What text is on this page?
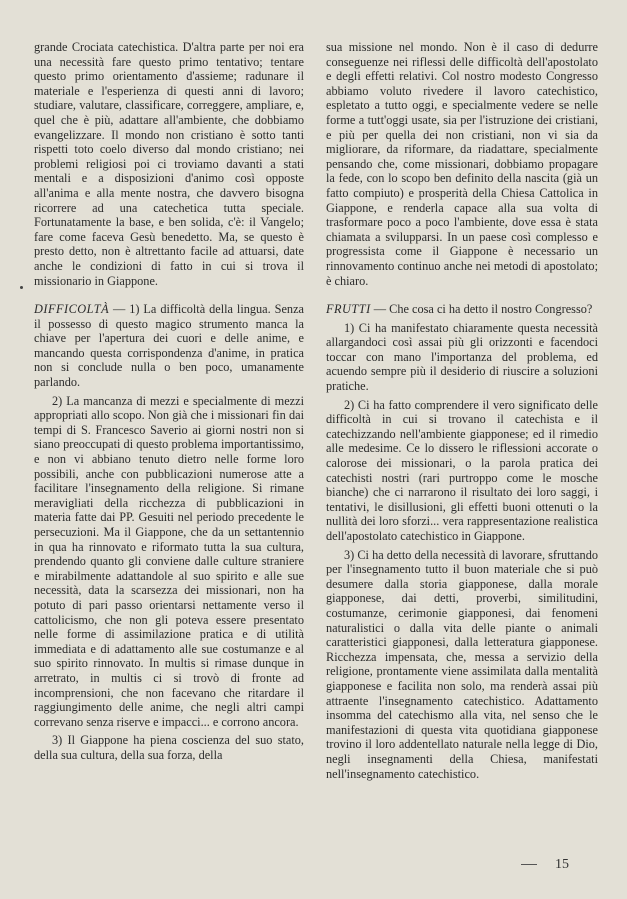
grande Crociata catechistica. D'altra parte per noi era una necessità fare questo primo tentativo; tentare questo primo orientamento d'assieme; radunare il materiale e l'esperienza di questi anni di lavoro; studiare, valutare, classificare, correggere, ampliare, e, quel che è più, adattare all'ambiente, che dobbiamo evangelizzare. Il mondo non cristiano è sotto tanti rispetti toto coelo diverso dal mondo cristiano; nei problemi religiosi poi ci troviamo davanti a stati mentali e a disposizioni d'animo così opposte all'anima e alla mente nostra, che davvero bisogna ricorrere ad una catechetica tutta speciale. Fortunatamente la base, e ben solida, c'è: il Vangelo; fare come faceva Gesù benedetto. Ma, se questo è presto detto, non è altrettanto facile ad attuarsi, date anche le condizioni di fatto in cui si trova il missionario in Giappone.

DIFFICOLTÀ — 1) La difficoltà della lingua. Senza il possesso di questo magico strumento manca la chiave per l'apertura dei cuori e delle anime, e mancando questa corrispondenza d'anime, in pratica non si conclude nulla o ben poco, umanamente parlando.

2) La mancanza di mezzi e specialmente di mezzi appropriati allo scopo. Non già che i missionari fin dai tempi di S. Francesco Saverio ai giorni nostri non si siano preoccupati di questo problema importantissimo, e non vi abbiano tenuto dietro nelle forme loro possibili, anche con pubblicazioni numerose atte a facilitare l'insegnamento della religione. Si rimane meravigliati della ricchezza di pubblicazioni in materia fatte dai PP. Gesuiti nel periodo precedente le persecuzioni. Ma il Giappone, che da un settantennio in qua ha rinnovato e riformato tutta la sua cultura, prendendo quanto gli conviene dalle culture straniere e mirabilmente adattandole al suo spirito e alle sue necessità, data la scarsezza dei missionari, non ha potuto di pari passo orientarsi nettamente verso il cattolicismo, che non gli poteva essere presentato nelle forme di assimilazione pratica e di utilità immediata e di adattamento alle sue costumanze e al suo spirito rinnovato. In multis si rimase dunque in arretrato, in multis ci si trovò di fronte ad incomprensioni, che non facevano che ritardare il raggiungimento delle anime, che negli altri campi correvano senza riserve e impacci... e corrono ancora.

3) Il Giappone ha piena coscienza del suo stato, della sua cultura, della sua forza, della

sua missione nel mondo. Non è il caso di dedurre conseguenze nei riflessi delle difficoltà dell'apostolato e degli effetti relativi. Col nostro modesto Congresso abbiamo voluto rivedere il lavoro catechistico, espletato a tutto oggi, e specialmente vedere se nelle forme a tutt'oggi usate, sia per l'istruzione dei cristiani, e più per quella dei non cristiani, non vi sia da migliorare, da riformare, da riadattare, specialmente pensando che, come missionari, dobbiamo propagare la fede, con lo scopo ben definito della nascita (già un fatto compiuto) e prosperità della Chiesa Cattolica in Giappone, e renderla capace alla sua volta di trasformare poco a poco l'ambiente, dove essa è stata chiamata a svilupparsi. In un paese così complesso e progressista come il Giappone è necessario un rinnovamento continuo anche nei metodi di apostolato; è chiaro.

FRUTTI — Che cosa ci ha detto il nostro Congresso?

1) Ci ha manifestato chiaramente questa necessità allargandoci così assai più gli orizzonti e facendoci toccar con mano l'importanza del problema, ed acuendo sempre più il desiderio di riuscire a soluzioni pratiche.

2) Ci ha fatto comprendere il vero significato delle difficoltà in cui si trovano il catechista e il catechizzando nell'ambiente giapponese; ed il rimedio alle medesime. Ce lo dissero le riflessioni accorate o calorose dei missionari, o la parola pratica dei catechisti nostri (rari purtroppo come le mosche bianche) che ci narrarono il risultato dei loro saggi, i tentativi, le disillusioni, gli effetti buoni ottenuti o la nullità dei loro sforzi... vera rappresentazione realistica dell'apostolato catechistico in Giappone.

3) Ci ha detto della necessità di lavorare, sfruttando per l'insegnamento tutto il buon materiale che si può desumere dalla storia giapponese, dalla morale giapponese, dai detti, proverbi, similitudini, costumanze, cerimonie giapponesi, dai fenomeni naturalistici o dalla vita delle piante o animali caratteristici giapponesi, dalla letteratura giapponese. Ricchezza impensata, che, messa a servizio della religione, prontamente viene assimilata dalla mentalità giapponese e facilita non solo, ma renderà assai più attraente l'insegnamento catechistico. Adattamento insomma del catechismo alla vita, nel senso che le manifestazioni di questa vita quotidiana giapponese trovino il loro addentellato naturale nella legge di Dio, negli insegnamenti della Chiesa, manifestati nell'insegnamento catechistico.

15
